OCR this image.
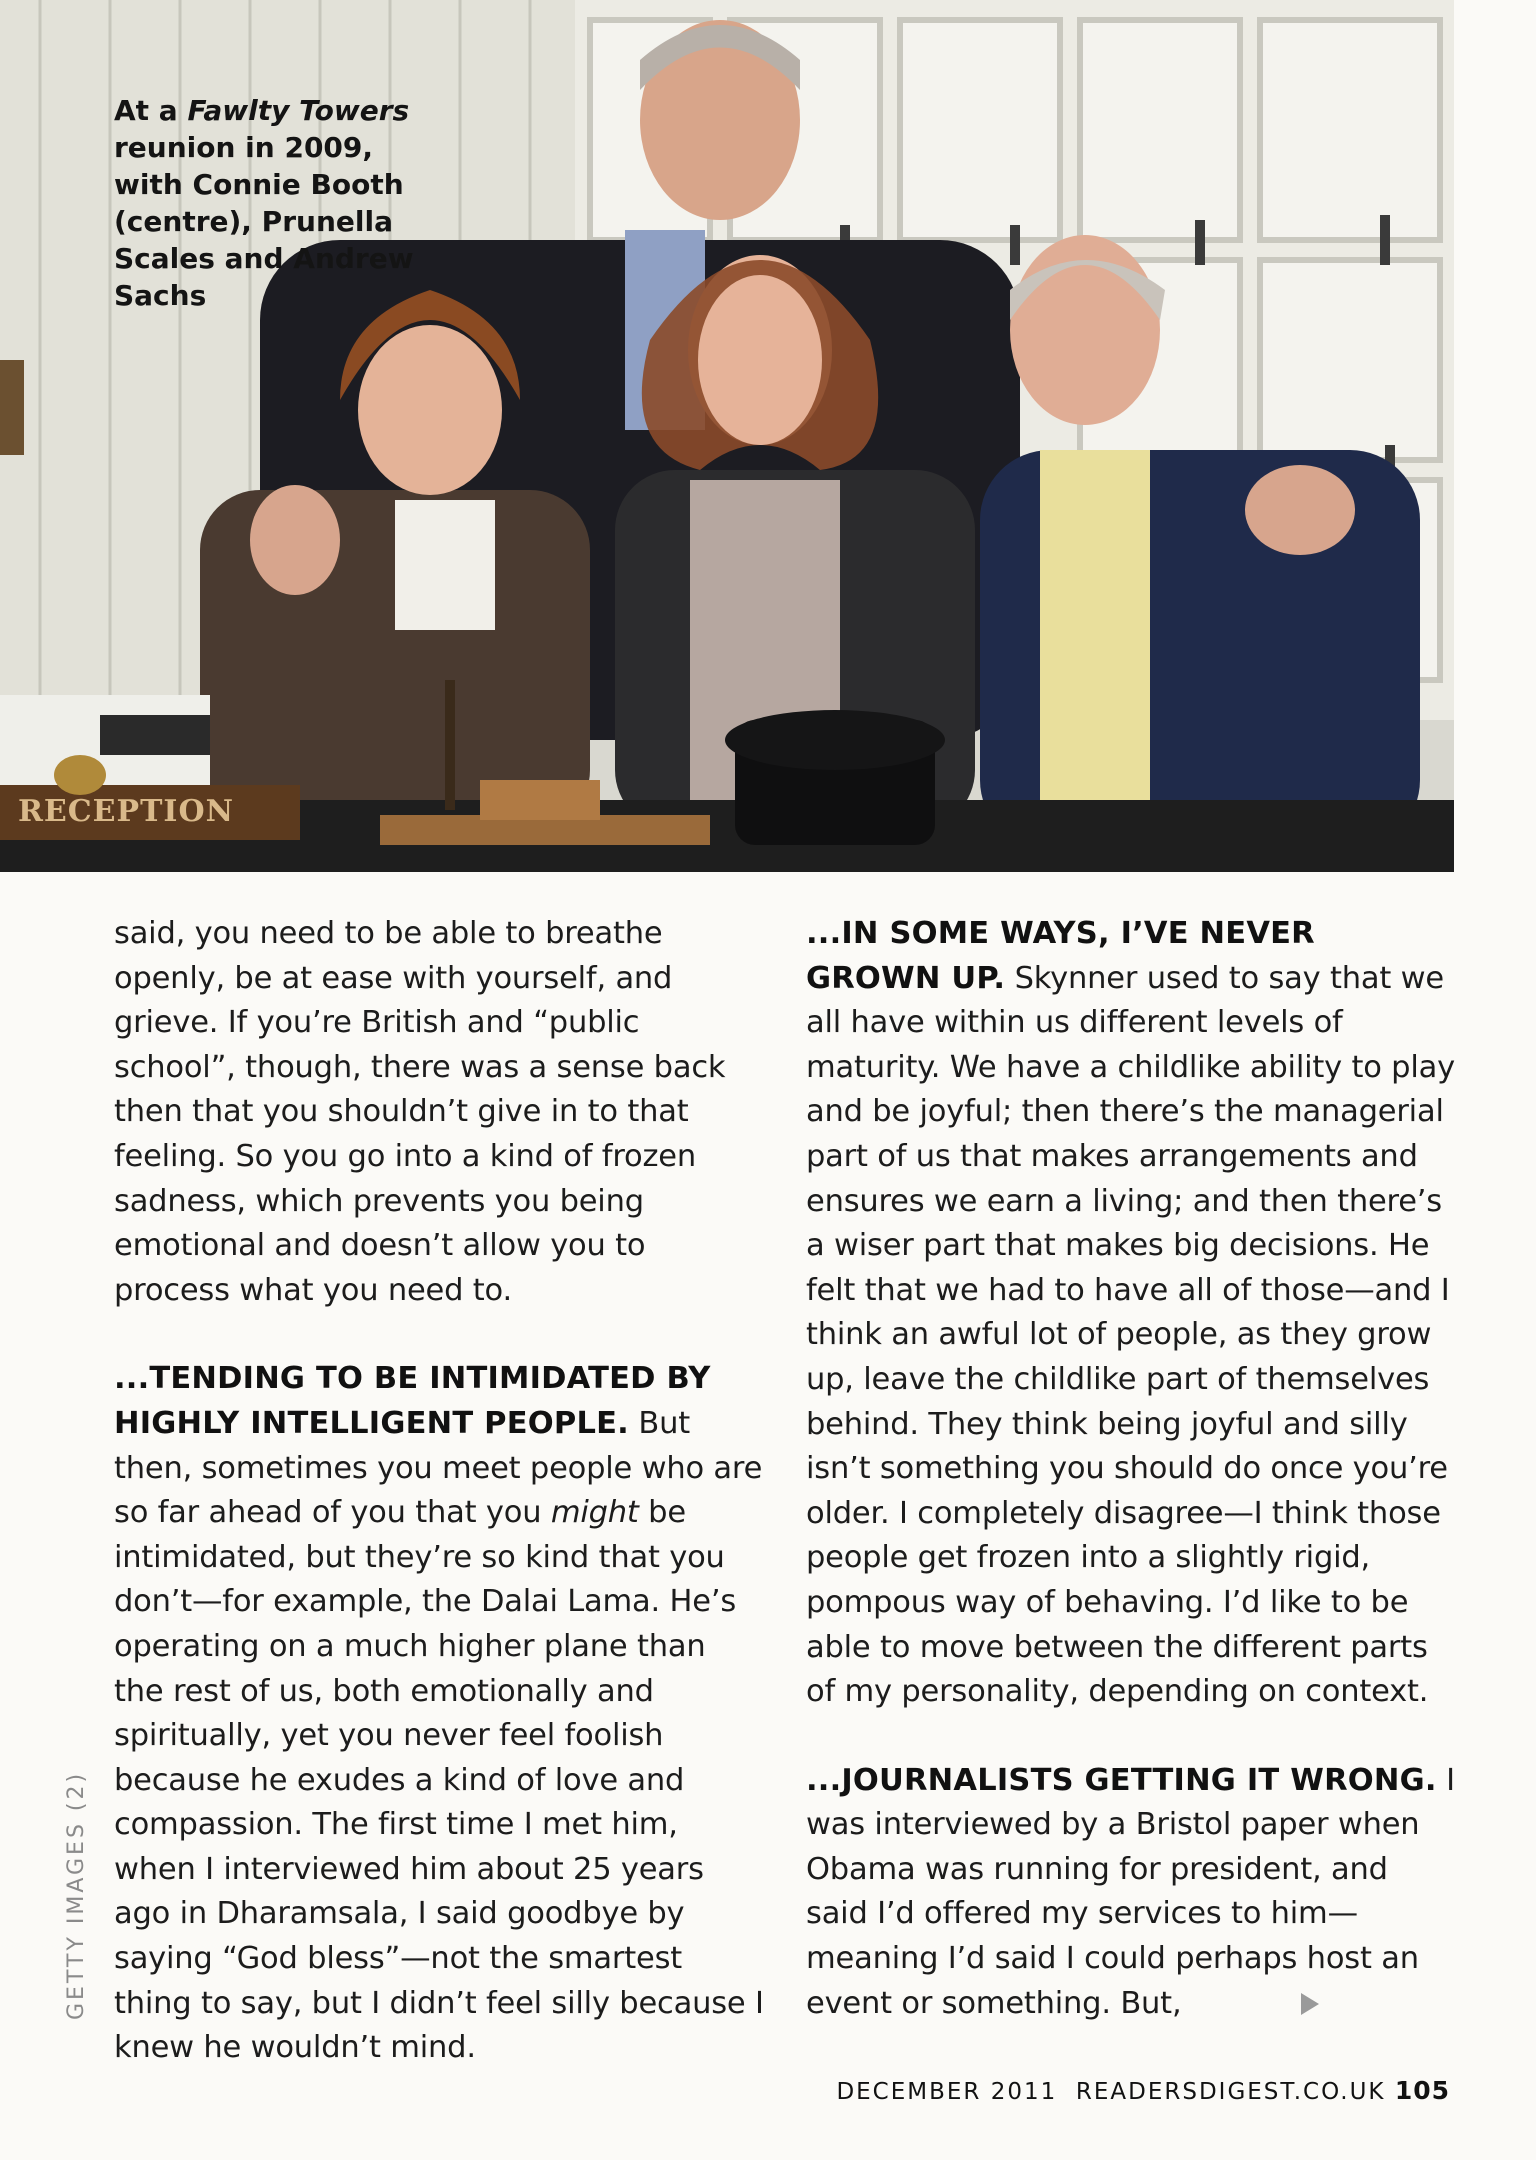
RECEPTION
At a Fawlty Towers reunion in 2009, with Connie Booth (centre), Prunella Scales and Andrew Sachs

said, you need to be able to breathe openly, be at ease with yourself, and grieve. If you’re British and “public school”, though, there was a sense back then that you shouldn’t give in to that feeling. So you go into a kind of frozen sadness, which prevents you being emotional and doesn’t allow you to process what you need to.

...TENDING TO BE INTIMIDATED BY HIGHLY INTELLIGENT PEOPLE. But then, sometimes you meet people who are so far ahead of you that you might be intimidated, but they’re so kind that you don’t—for example, the Dalai Lama. He’s operating on a much higher plane than the rest of us, both emotionally and spiritually, yet you never feel foolish because he exudes a kind of love and compassion. The first time I met him, when I interviewed him about 25 years ago in Dharamsala, I said goodbye by saying “God bless”—not the smartest thing to say, but I didn’t feel silly because I knew he wouldn’t mind.

...IN SOME WAYS, I’VE NEVER GROWN UP. Skynner used to say that we all have within us different levels of maturity. We have a childlike ability to play and be joyful; then there’s the managerial part of us that makes arrangements and ensures we earn a living; and then there’s a wiser part that makes big decisions. He felt that we had to have all of those—and I think an awful lot of people, as they grow up, leave the childlike part of themselves behind. They think being joyful and silly isn’t something you should do once you’re older. I completely disagree—I think those people get frozen into a slightly rigid, pompous way of behaving. I’d like to be able to move between the different parts of my personality, depending on context.

...JOURNALISTS GETTING IT WRONG. I was interviewed by a Bristol paper when Obama was running for president, and said I’d offered my services to him—meaning I’d said I could perhaps host an event or something. But,

GETTY IMAGES (2)
DECEMBER 2011 READERSDIGEST.CO.UK 105
